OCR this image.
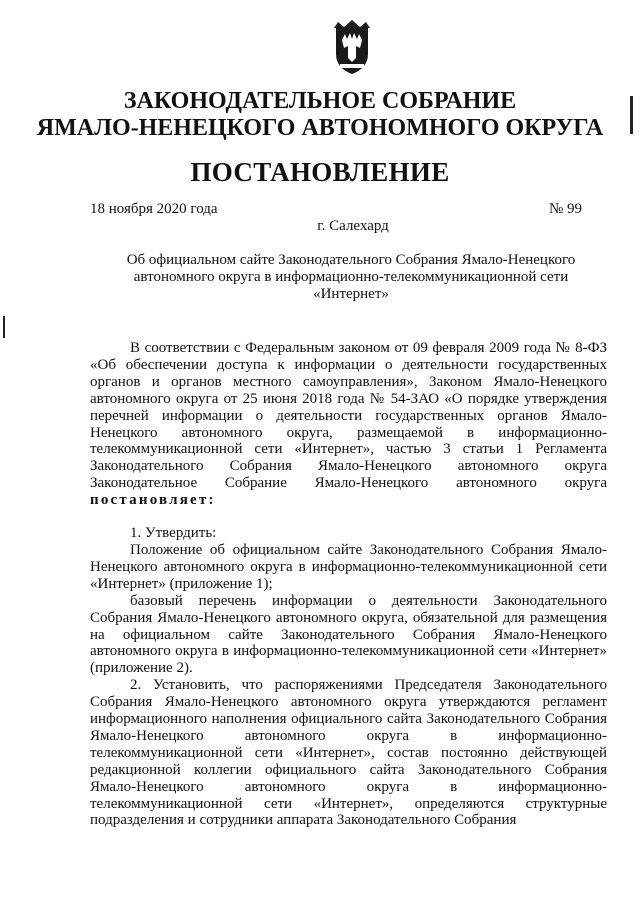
ЗАКОНОДАТЕЛЬНОЕ СОБРАНИЕ
ЯМАЛО-НЕНЕЦКОГО АВТОНОМНОГО ОКРУГА
ПОСТАНОВЛЕНИЕ
18 ноября 2020 года	№ 99
г. Салехард
Об официальном сайте Законодательного Собрания Ямало-Ненецкого автономного округа в информационно-телекоммуникационной сети «Интернет»

В соответствии с Федеральным законом от 09 февраля 2009 года № 8-ФЗ «Об обеспечении доступа к информации о деятельности государственных органов и органов местного самоуправления», Законом Ямало-Ненецкого автономного округа от 25 июня 2018 года № 54-ЗАО «О порядке утверждения перечней информации о деятельности государственных органов Ямало-Ненецкого автономного округа, размещаемой в информационно-телекоммуникационной сети «Интернет», частью 3 статьи 1 Регламента Законодательного Собрания Ямало-Ненецкого автономного округа Законодательное Собрание Ямало-Ненецкого автономного округа постановляет:

1. Утвердить:

Положение об официальном сайте Законодательного Собрания Ямало-Ненецкого автономного округа в информационно-телекоммуникационной сети «Интернет» (приложение 1);

базовый перечень информации о деятельности Законодательного Собрания Ямало-Ненецкого автономного округа, обязательной для размещения на официальном сайте Законодательного Собрания Ямало-Ненецкого автономного округа в информационно-телекоммуникационной сети «Интернет» (приложение 2).

2. Установить, что распоряжениями Председателя Законодательного Собрания Ямало-Ненецкого автономного округа утверждаются регламент информационного наполнения официального сайта Законодательного Собрания Ямало-Ненецкого автономного округа в информационно-телекоммуникационной сети «Интернет», состав постоянно действующей редакционной коллегии официального сайта Законодательного Собрания Ямало-Ненецкого автономного округа в информационно-телекоммуникационной сети «Интернет», определяются структурные подразделения и сотрудники аппарата Законодательного Собрания
